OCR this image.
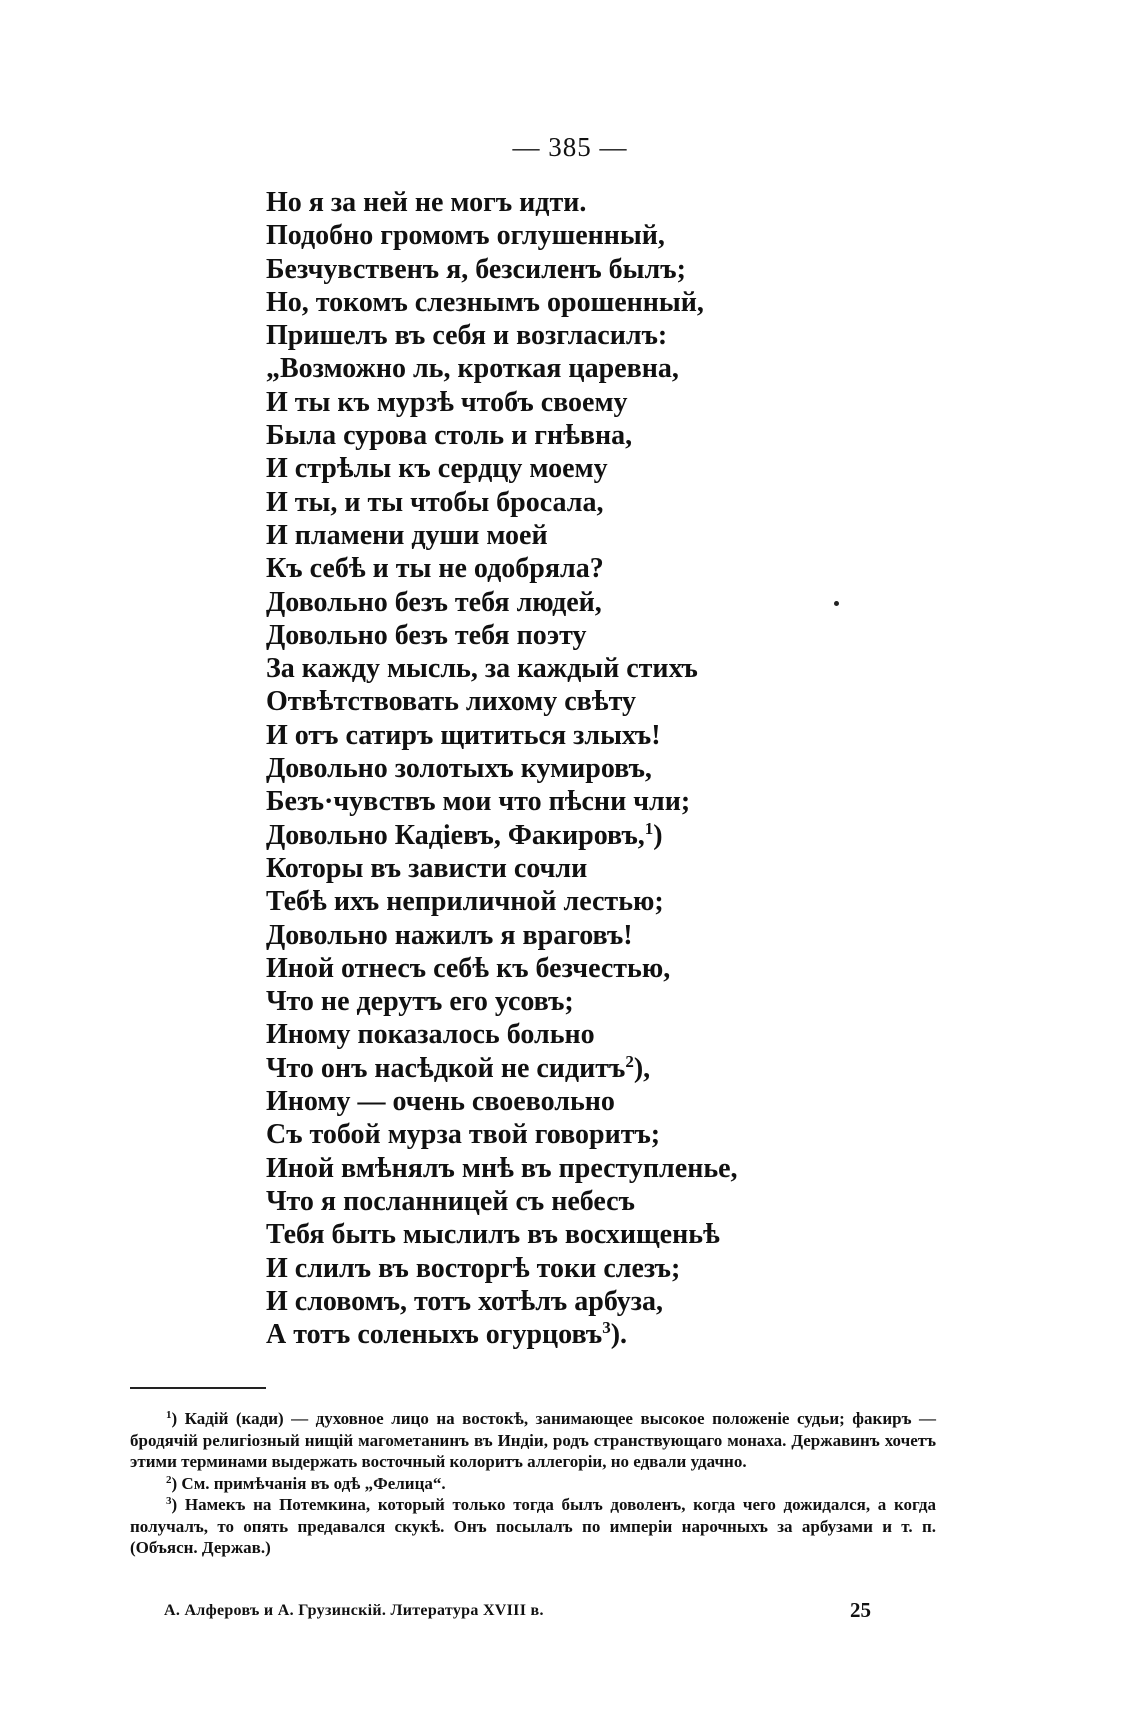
— 385 —
Но я за ней не могъ идти.
Подобно громомъ оглушенный,
Безчувственъ я, безсиленъ былъ;
Но, токомъ слезнымъ орошенный,
Пришелъ въ себя и возгласилъ:
„Возможно ль, кроткая царевна,
И ты къ мурзѣ чтобъ своему
Была сурова столь и гнѣвна,
И стрѣлы къ сердцу моему
И ты, и ты чтобы бросала,
И пламени души моей
Къ себѣ и ты не одобряла?
Довольно безъ тебя людей,
Довольно безъ тебя поэту
За кажду мысль, за каждый стихъ
Отвѣтствовать лихому свѣту
И отъ сатиръ щититься злыхъ!
Довольно золотыхъ кумировъ,
Безъ·чувствъ мои что пѣсни чли;
Довольно Кадіевъ, Факировъ,$^1$)
Которы въ зависти сочли
Тебѣ ихъ неприличной лестью;
Довольно нажилъ я враговъ!
Иной отнесъ себѣ къ безчестью,
Что не дерутъ его усовъ;
Иному показалось больно
Что онъ насѣдкой не сидитъ$^2$),
Иному — очень своевольно
Съ тобой мурза твой говоритъ;
Иной вмѣнялъ мнѣ въ преступленье,
Что я посланницей съ небесъ
Тебя быть мыслилъ въ восхищеньѣ
И слилъ въ восторгѣ токи слезъ;
И словомъ, тотъ хотѣлъ арбуза,
А тотъ соленыхъ огурцовъ$^3$).

$^1$) Кадій (кади) — духовное лицо на востокѣ, занимающее высокое положеніе судьи; факиръ — бродячій религіозный нищій магометанинъ въ Индіи, родъ странствующаго монаха. Державинъ хочетъ этими терминами выдержать восточный колоритъ аллегоріи, но едвали удачно.

$^2$) См. примѣчанія въ одѣ „Фелица“.

$^3$) Намекъ на Потемкина, который только тогда былъ доволенъ, когда чего дожидался, а когда получалъ, то опять предавался скукѣ. Онъ посылалъ по имперіи нарочныхъ за арбузами и т. п. (Объясн. Держав.)

А. Алферовъ и А. Грузинскій. Литература XVIII в.	25
